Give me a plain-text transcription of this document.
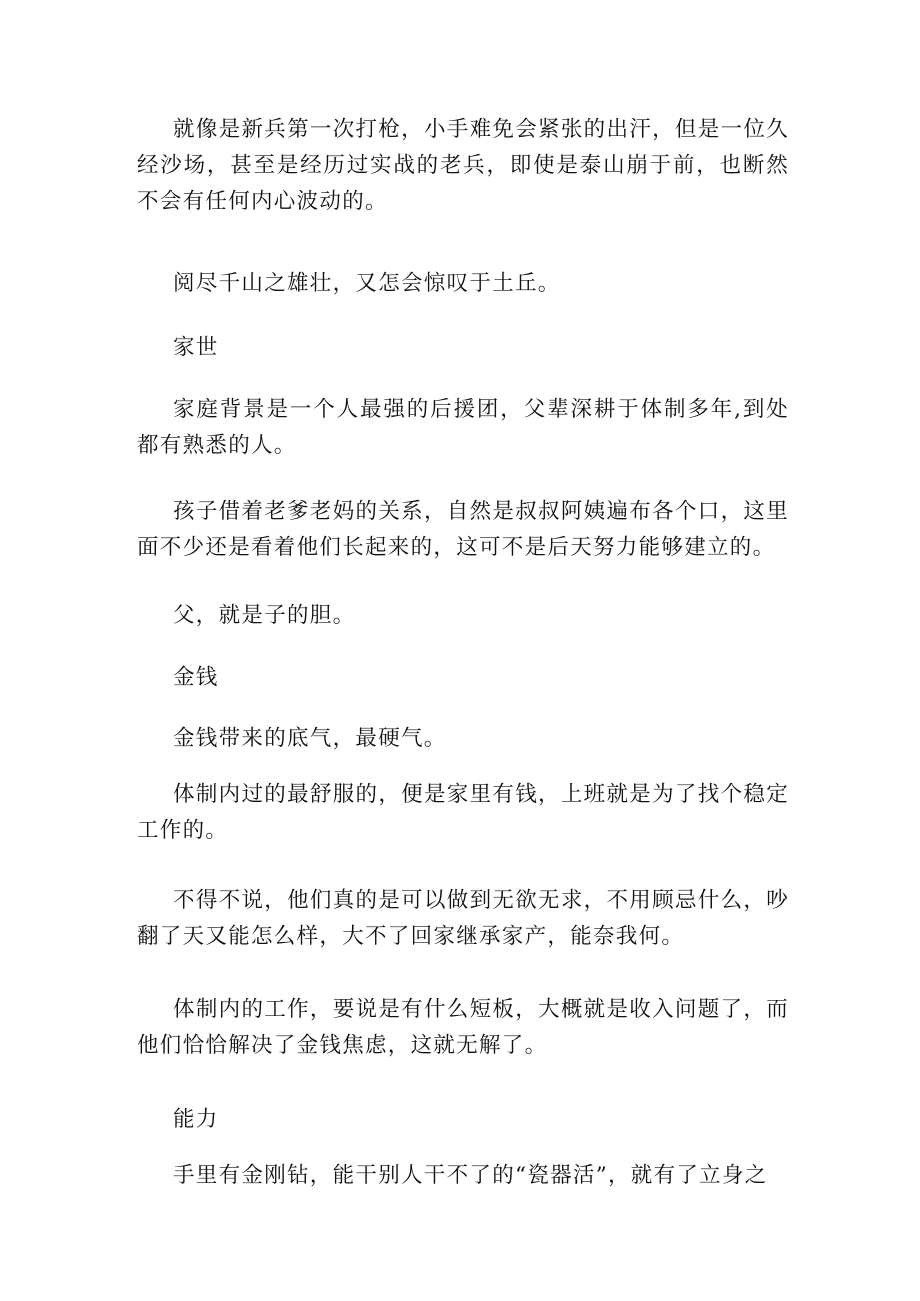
就像是新兵第一次打枪，小手难免会紧张的出汗，但是一位久经沙场，甚至是经历过实战的老兵，即使是泰山崩于前，也断然不会有任何内心波动的。

阅尽千山之雄壮，又怎会惊叹于土丘。

家世

家庭背景是一个人最强的后援团，父辈深耕于体制多年,到处都有熟悉的人。

孩子借着老爹老妈的关系，自然是叔叔阿姨遍布各个口，这里面不少还是看着他们长起来的，这可不是后天努力能够建立的。

父，就是子的胆。

金钱

金钱带来的底气，最硬气。

体制内过的最舒服的，便是家里有钱，上班就是为了找个稳定工作的。

不得不说，他们真的是可以做到无欲无求，不用顾忌什么，吵翻了天又能怎么样，大不了回家继承家产，能奈我何。

体制内的工作，要说是有什么短板，大概就是收入问题了，而他们恰恰解决了金钱焦虑，这就无解了。

能力

手里有金刚钻，能干别人干不了的“瓷器活”，就有了立身之
